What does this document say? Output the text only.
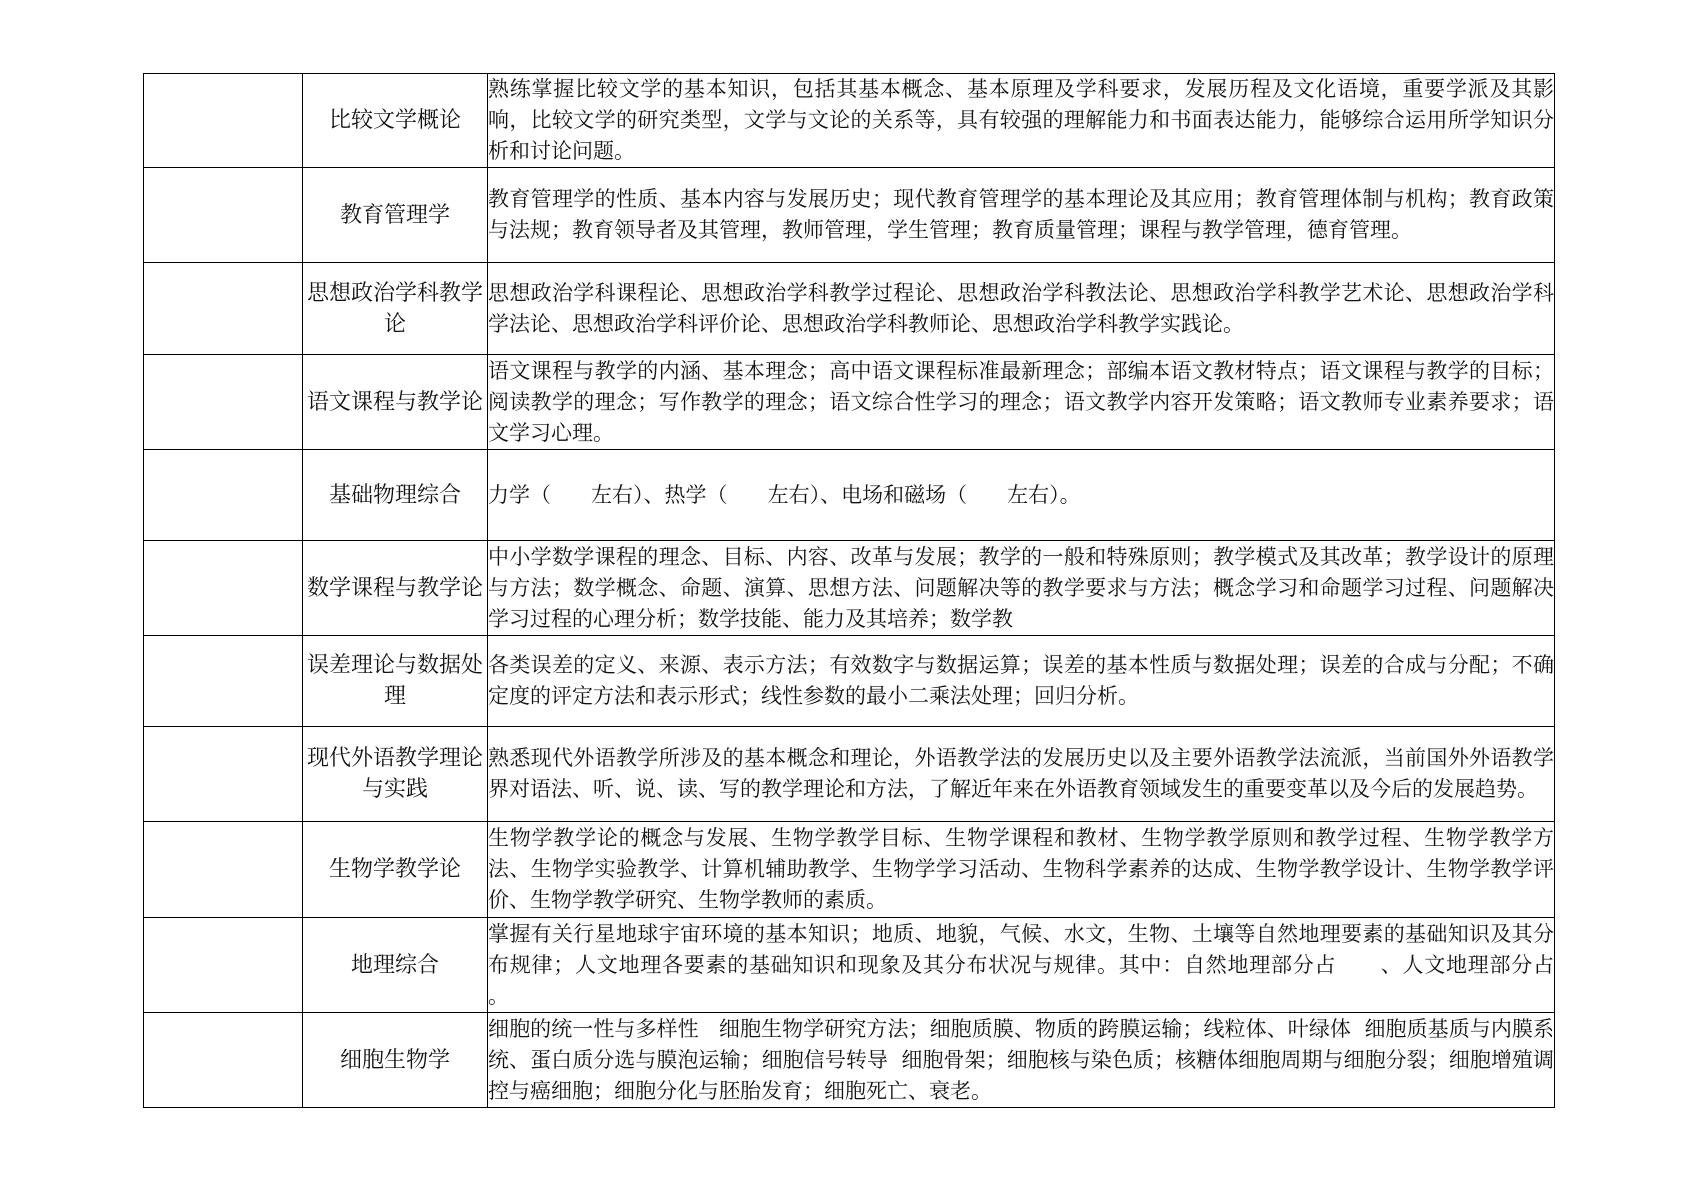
	比较文学概论	熟练掌握比较文学的基本知识，包括其基本概念、基本原理及学科要求，发展历程及文化语境，重要学派及其影响，比较文学的研究类型，文学与文论的关系等，具有较强的理解能力和书面表达能力，能够综合运用所学知识分析和讨论问题。
	教育管理学	教育管理学的性质、基本内容与发展历史；现代教育管理学的基本理论及其应用；教育管理体制与机构；教育政策与法规；教育领导者及其管理，教师管理，学生管理；教育质量管理；课程与教学管理，德育管理。
	思想政治学科教学论	思想政治学科课程论、思想政治学科教学过程论、思想政治学科教法论、思想政治学科教学艺术论、思想政治学科学法论、思想政治学科评价论、思想政治学科教师论、思想政治学科教学实践论。
	语文课程与教学论	语文课程与教学的内涵、基本理念；高中语文课程标准最新理念；部编本语文教材特点；语文课程与教学的目标；阅读教学的理念；写作教学的理念；语文综合性学习的理念；语文教学内容开发策略；语文教师专业素养要求；语文学习心理。
	基础物理综合	力学（      左右）、热学（      左右）、电场和磁场（      左右）。
	数学课程与教学论	中小学数学课程的理念、目标、内容、改革与发展；教学的一般和特殊原则；教学模式及其改革；教学设计的原理与方法；数学概念、命题、演算、思想方法、问题解决等的教学要求与方法；概念学习和命题学习过程、问题解决学习过程的心理分析；数学技能、能力及其培养；数学教
	误差理论与数据处理	各类误差的定义、来源、表示方法；有效数字与数据运算；误差的基本性质与数据处理；误差的合成与分配；不确定度的评定方法和表示形式；线性参数的最小二乘法处理；回归分析。
	现代外语教学理论与实践	熟悉现代外语教学所涉及的基本概念和理论，外语教学法的发展历史以及主要外语教学法流派，当前国外外语教学界对语法、听、说、读、写的教学理论和方法，了解近年来在外语教育领域发生的重要变革以及今后的发展趋势。
	生物学教学论	生物学教学论的概念与发展、生物学教学目标、生物学课程和教材、生物学教学原则和教学过程、生物学教学方法、生物学实验教学、计算机辅助教学、生物学学习活动、生物科学素养的达成、生物学教学设计、生物学教学评价、生物学教学研究、生物学教师的素质。
	地理综合	掌握有关行星地球宇宙环境的基本知识；地质、地貌，气候、水文，生物、土壤等自然地理要素的基础知识及其分布规律；人文地理各要素的基础知识和现象及其分布状况与规律。其中：自然地理部分占      、人文地理部分占      。
	细胞生物学	细胞的统一性与多样性   细胞生物学研究方法；细胞质膜、物质的跨膜运输；线粒体、叶绿体  细胞质基质与内膜系统、蛋白质分选与膜泡运输；细胞信号转导  细胞骨架；细胞核与染色质；核糖体细胞周期与细胞分裂；细胞增殖调控与癌细胞；细胞分化与胚胎发育；细胞死亡、衰老。
